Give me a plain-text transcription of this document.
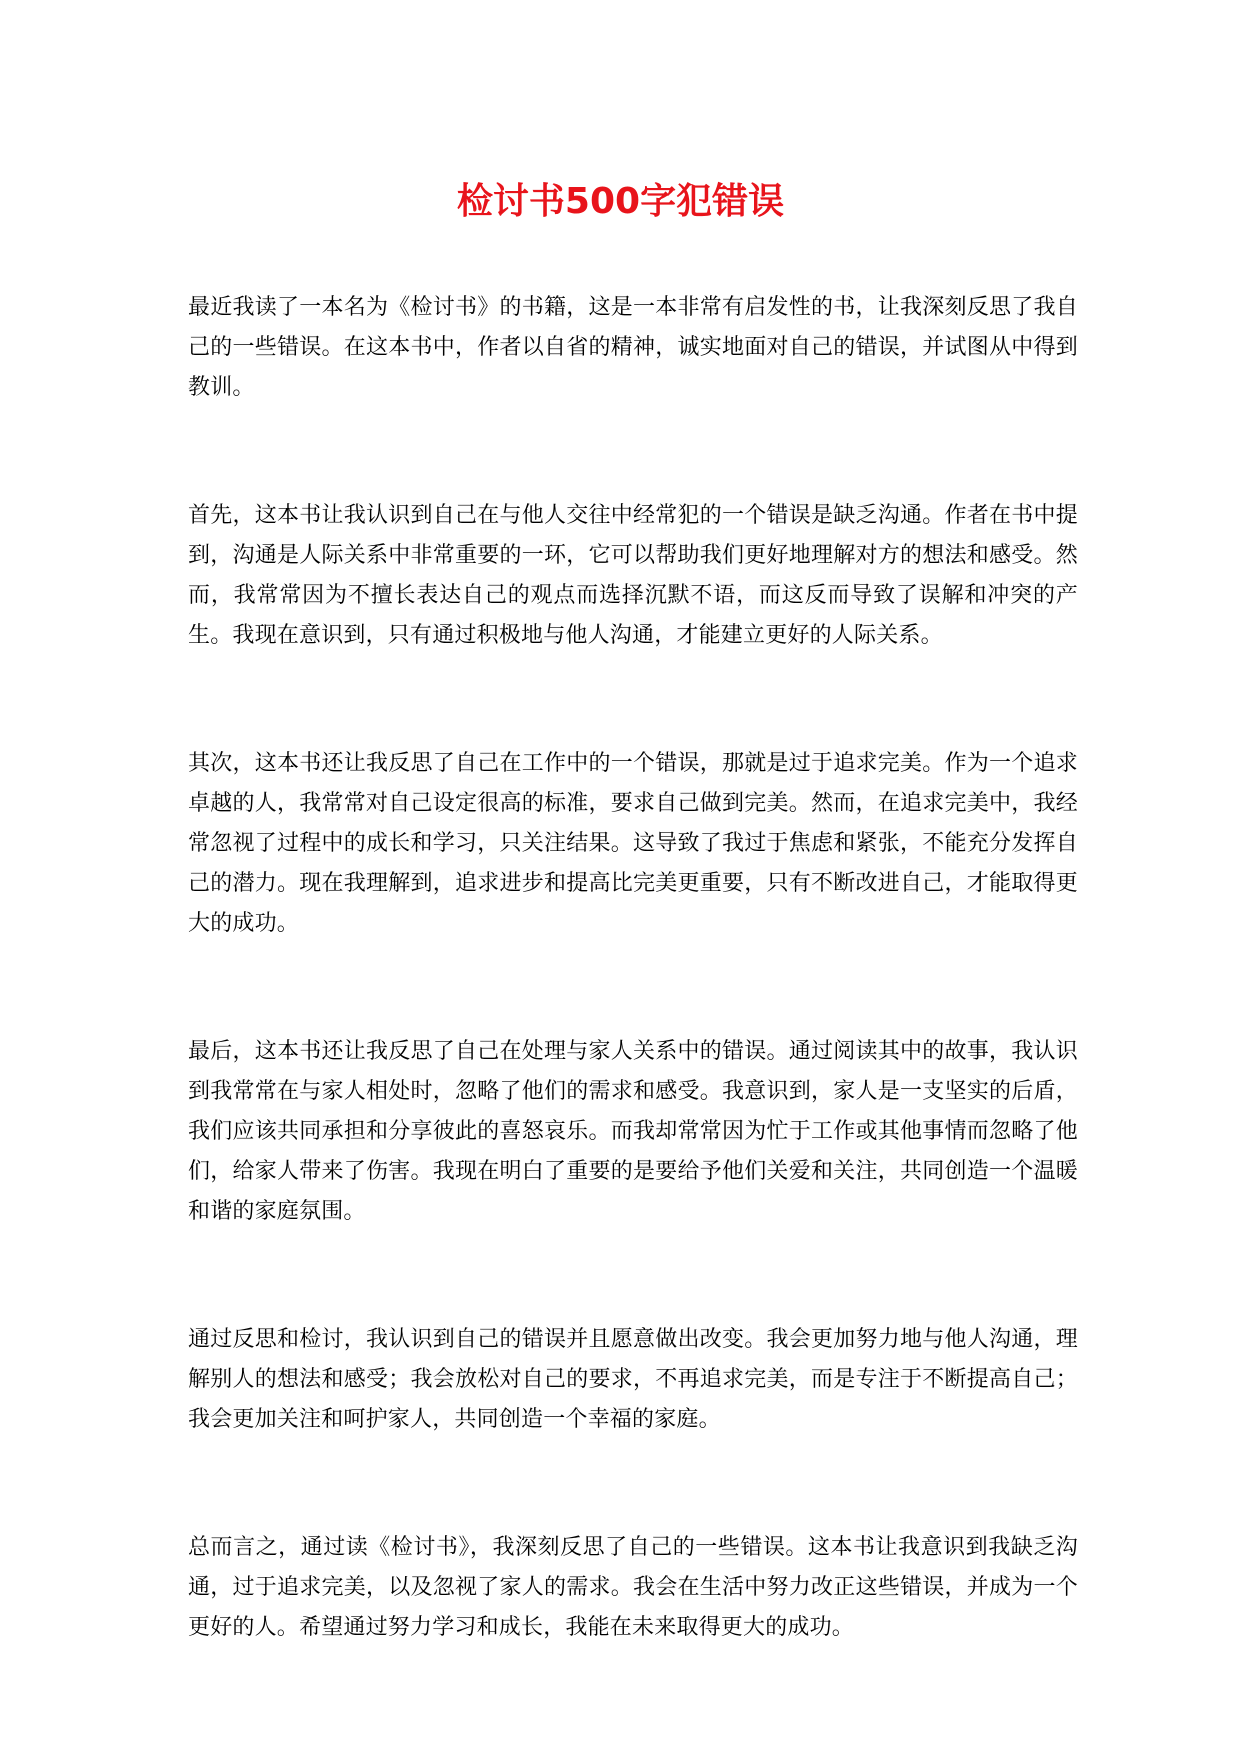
检讨书500字犯错误

最近我读了一本名为《检讨书》的书籍，这是一本非常有启发性的书，让我深刻反思了我自己的一些错误。在这本书中，作者以自省的精神，诚实地面对自己的错误，并试图从中得到教训。

首先，这本书让我认识到自己在与他人交往中经常犯的一个错误是缺乏沟通。作者在书中提到，沟通是人际关系中非常重要的一环，它可以帮助我们更好地理解对方的想法和感受。然而，我常常因为不擅长表达自己的观点而选择沉默不语，而这反而导致了误解和冲突的产生。我现在意识到，只有通过积极地与他人沟通，才能建立更好的人际关系。

其次，这本书还让我反思了自己在工作中的一个错误，那就是过于追求完美。作为一个追求卓越的人，我常常对自己设定很高的标准，要求自己做到完美。然而，在追求完美中，我经常忽视了过程中的成长和学习，只关注结果。这导致了我过于焦虑和紧张，不能充分发挥自己的潜力。现在我理解到，追求进步和提高比完美更重要，只有不断改进自己，才能取得更大的成功。

最后，这本书还让我反思了自己在处理与家人关系中的错误。通过阅读其中的故事，我认识到我常常在与家人相处时，忽略了他们的需求和感受。我意识到，家人是一支坚实的后盾，我们应该共同承担和分享彼此的喜怒哀乐。而我却常常因为忙于工作或其他事情而忽略了他们，给家人带来了伤害。我现在明白了重要的是要给予他们关爱和关注，共同创造一个温暖和谐的家庭氛围。

通过反思和检讨，我认识到自己的错误并且愿意做出改变。我会更加努力地与他人沟通，理解别人的想法和感受；我会放松对自己的要求，不再追求完美，而是专注于不断提高自己；我会更加关注和呵护家人，共同创造一个幸福的家庭。

总而言之，通过读《检讨书》，我深刻反思了自己的一些错误。这本书让我意识到我缺乏沟通，过于追求完美，以及忽视了家人的需求。我会在生活中努力改正这些错误，并成为一个更好的人。希望通过努力学习和成长，我能在未来取得更大的成功。
